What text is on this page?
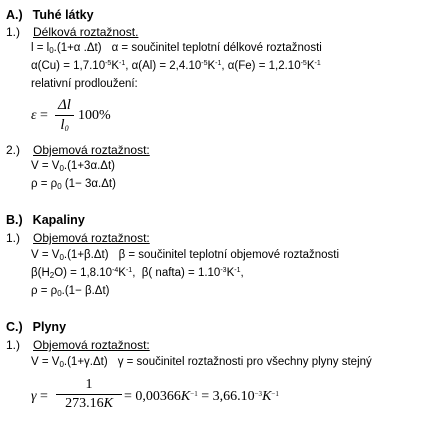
A.) Tuhé látky
1.) Délková roztažnost.
$l = l_0.(1+\alpha$ .Δt) α = součinitel teplotní délkové roztažnosti
$\alpha(Cu) = 1,7.10^{-5}K^{-1}$, $\alpha(Al) = 2,4.10^{-5}K^{-1}$, $\alpha(Fe) = 1,2.10^{-5}K^{-1}$
relativní prodloužení:
$\varepsilon = \frac{\Delta l}{l_0} 100\%$
2.) Objemová roztažnost:
$V = V_0.(1+3\alpha.\Delta t)$
$\rho = \rho_0$ (1− 3α.Δt)
B.) Kapaliny
1.) Objemová roztažnost:
$V = V_0.(1+\beta.\Delta t) \beta$ = součinitel teplotní objemové roztažnosti
$\beta(H_2O) = 1,8.10^{-4}K^{-1}$,  β( nafta) = $1.10^{-3}K^{-1}$,
$\rho = \rho_0.(1- \beta.\Delta t)$
C.) Plyny
1.) Objemová roztažnost:
$V = V_0.(1+\gamma.\Delta t) \gamma$ = součinitel roztažnosti pro všechny plyny stejný
$\gamma = \frac{1}{273.16K} = 0,00366K^{-1} = 3,66.10^{-3}K^{-1}$
